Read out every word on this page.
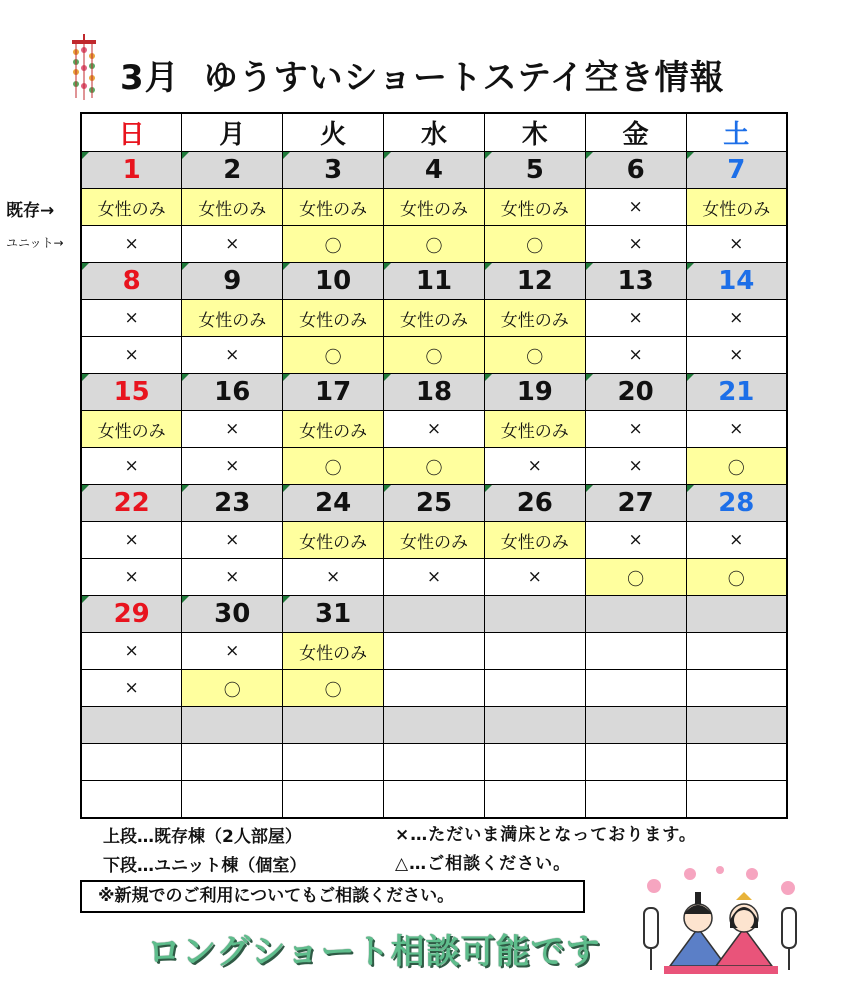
3月 ゆうすいショートステイ空き情報
既存→
ユニット→
日	月	火	水	木	金	土
1	2	3	4	5	6	7
女性のみ	女性のみ	女性のみ	女性のみ	女性のみ	×	女性のみ
×	×	〇	〇	〇	×	×
8	9	10	11	12	13	14
×	女性のみ	女性のみ	女性のみ	女性のみ	×	×
×	×	〇	〇	〇	×	×
15	16	17	18	19	20	21
女性のみ	×	女性のみ	×	女性のみ	×	×
×	×	〇	〇	×	×	〇
22	23	24	25	26	27	28
×	×	女性のみ	女性のみ	女性のみ	×	×
×	×	×	×	×	〇	〇
29	30	31				
×	×	女性のみ				
×	〇	〇				

上段…既存棟（2人部屋）
下段…ユニット棟（個室）
×…ただいま満床となっております。
△…ご相談ください。
※新規でのご利用についてもご相談ください。
ロングショート相談可能です
